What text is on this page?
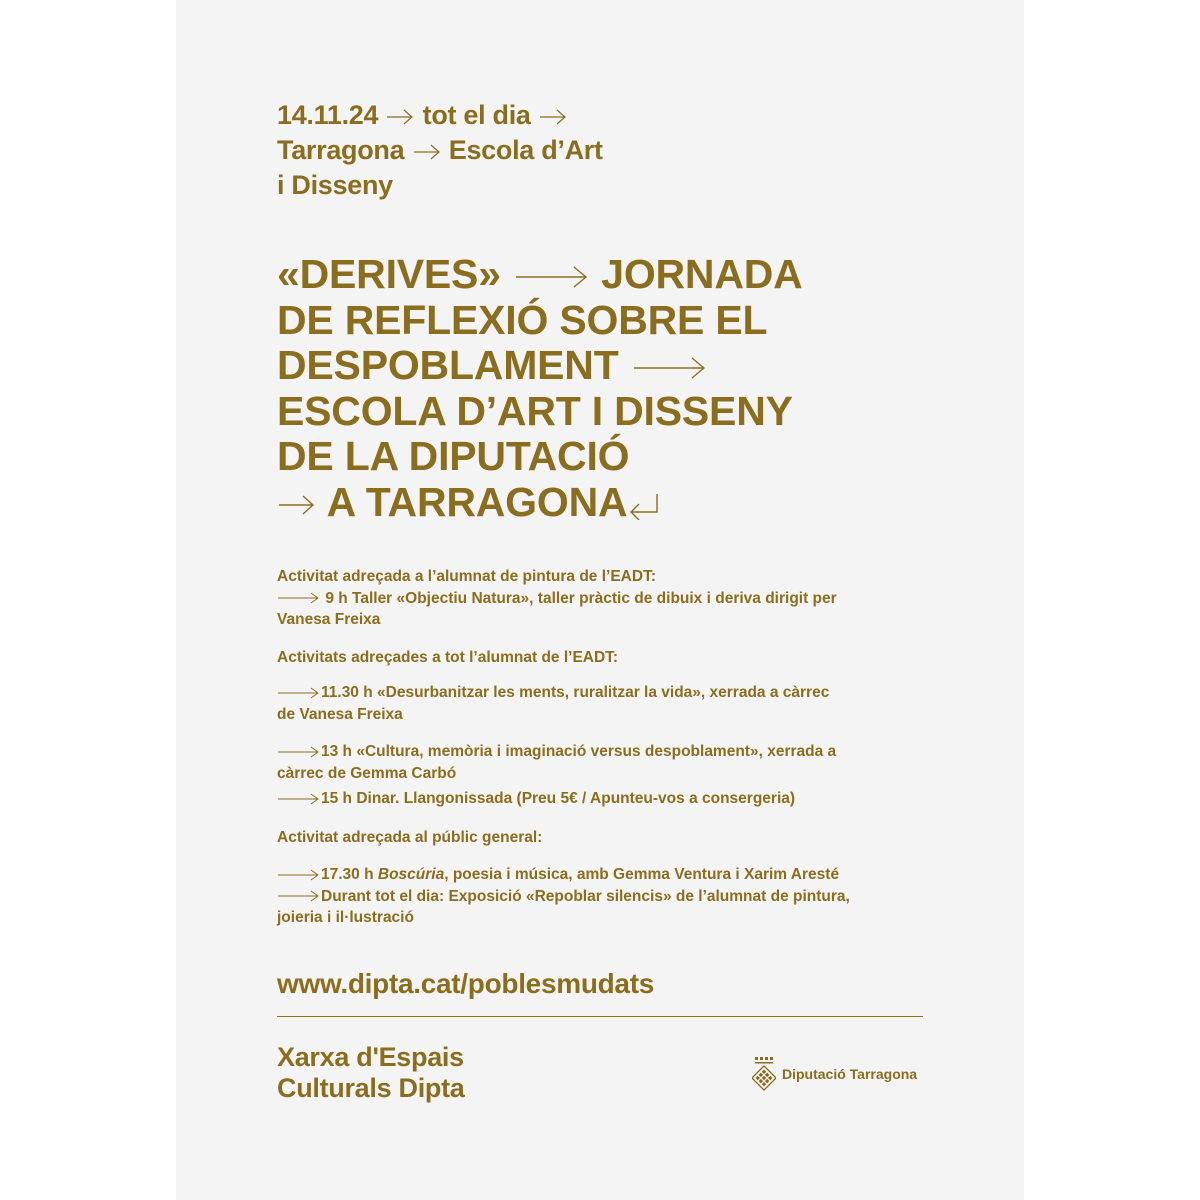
14.11.24 tot el dia
Tarragona Escola d’Art
i Disseny
«DERIVES» JORNADA
DE REFLEXIÓ SOBRE EL
DESPOBLAMENT
ESCOLA D’ART I DISSENY
DE LA DIPUTACIÓ
A TARRAGONA

Activitat adreçada a l’alumnat de pintura de l’EADT:

9 h Taller «Objectiu Natura», taller pràctic de dibuix i deriva dirigit per
Vanesa Freixa

Activitats adreçades a tot l’alumnat de l’EADT:

11.30 h «Desurbanitzar les ments, ruralitzar la vida», xerrada a càrrec
de Vanesa Freixa

13 h «Cultura, memòria i imaginació versus despoblament», xerrada a
càrrec de Gemma Carbó

15 h Dinar. Llangonissada (Preu 5€ / Apunteu-vos a consergeria)

Activitat adreçada al públic general:

17.30 h Boscúria, poesia i música, amb Gemma Ventura i Xarim Aresté

Durant tot el dia: Exposició «Repoblar silencis» de l’alumnat de pintura,
joieria i il·lustració

www.dipta.cat/poblesmudats
Xarxa d'Espais
Culturals Dipta	Diputació Tarragona
